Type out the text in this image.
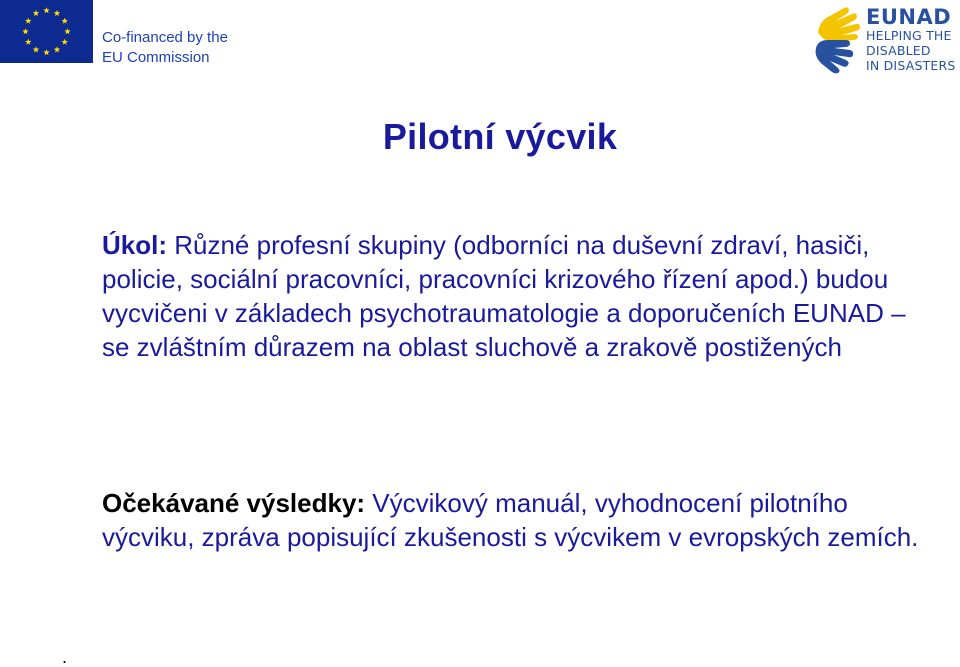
Co-financed by the
EU Commission
EUNAD
HELPING THE
DISABLED
IN DISASTERS
Pilotní výcvik

Úkol: Různé profesní skupiny (odborníci na duševní zdraví, hasiči, policie, sociální pracovníci, pracovníci krizového řízení apod.) budou vycvičeni v základech psychotraumatologie a doporučeních EUNAD – se zvláštním důrazem na oblast sluchově a zrakově postižených

Očekávané výsledky: Výcvikový manuál, vyhodnocení pilotního výcviku, zpráva popisující zkušenosti s výcvikem v evropských zemích.

.
